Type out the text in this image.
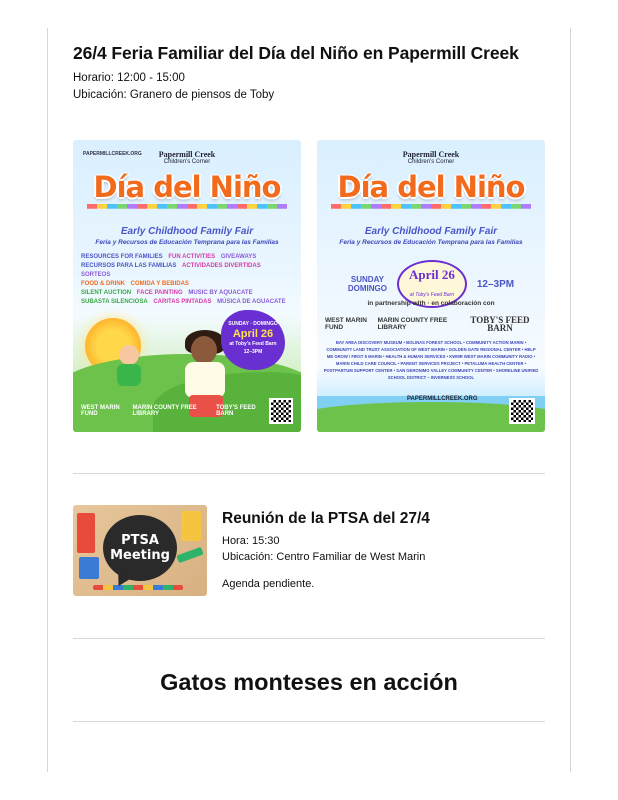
26/4 Feria Familiar del Día del Niño en Papermill Creek
Horario: 12:00 - 15:00
Ubicación: Granero de piensos de Toby
PAPERMILLCREEK.ORG	Papermill Creek
Children's Corner
Día del Niño
Early Childhood Family Fair
Feria y Recursos de Educación Temprana para las Familias
RESOURCES FOR FAMILIES FUN ACTIVITIES GIVEAWAYS
RECURSOS PARA LAS FAMILIAS ACTIVIDADES DIVERTIDAS SORTEOS
FOOD & DRINK COMIDA Y BEBIDAS
SILENT AUCTION FACE PAINTING MUSIC BY AQUACATE
SUBASTA SILENCIOSA CARITAS PINTADAS MÚSICA DE AGUACATE
SUNDAY · DOMINGO
April 26
at Toby's Feed Barn
12–3PM
WEST MARIN FUND
MARIN COUNTY FREE LIBRARY
TOBY'S FEED BARN
Papermill Creek
Children's Corner
Día del Niño
Early Childhood Family Fair
Feria y Recursos de Educación Temprana para las Familias
SUNDAY
DOMINGO
April 26
at Toby's Feed Barn
12–3PM
in partnership with · en colaboración con
WEST MARIN FUND
MARIN COUNTY FREE LIBRARY
TOBY'S FEED BARN
BAY AREA DISCOVERY MUSEUM • BOLINAS FOREST SCHOOL • COMMUNITY ACTION MARIN • COMMUNITY LAND TRUST ASSOCIATION OF WEST MARIN • GOLDEN GATE REGIONAL CENTER • HELP ME GROW / FIRST 5 MARIN • HEALTH & HUMAN SERVICES • KWMR WEST MARIN COMMUNITY RADIO • MARIN CHILD CARE COUNCIL • PARENT SERVICES PROJECT • PETALUMA HEALTH CENTER • POSTPARTUM SUPPORT CENTER • SAN GERONIMO VALLEY COMMUNITY CENTER • SHORELINE UNIFIED SCHOOL DISTRICT – INVERNESS SCHOOL
PAPERMILLCREEK.ORG
PTSA
Meeting
Reunión de la PTSA del 27/4
Hora: 15:30
Ubicación: Centro Familiar de West Marin
Agenda pendiente.
Gatos monteses en acción
